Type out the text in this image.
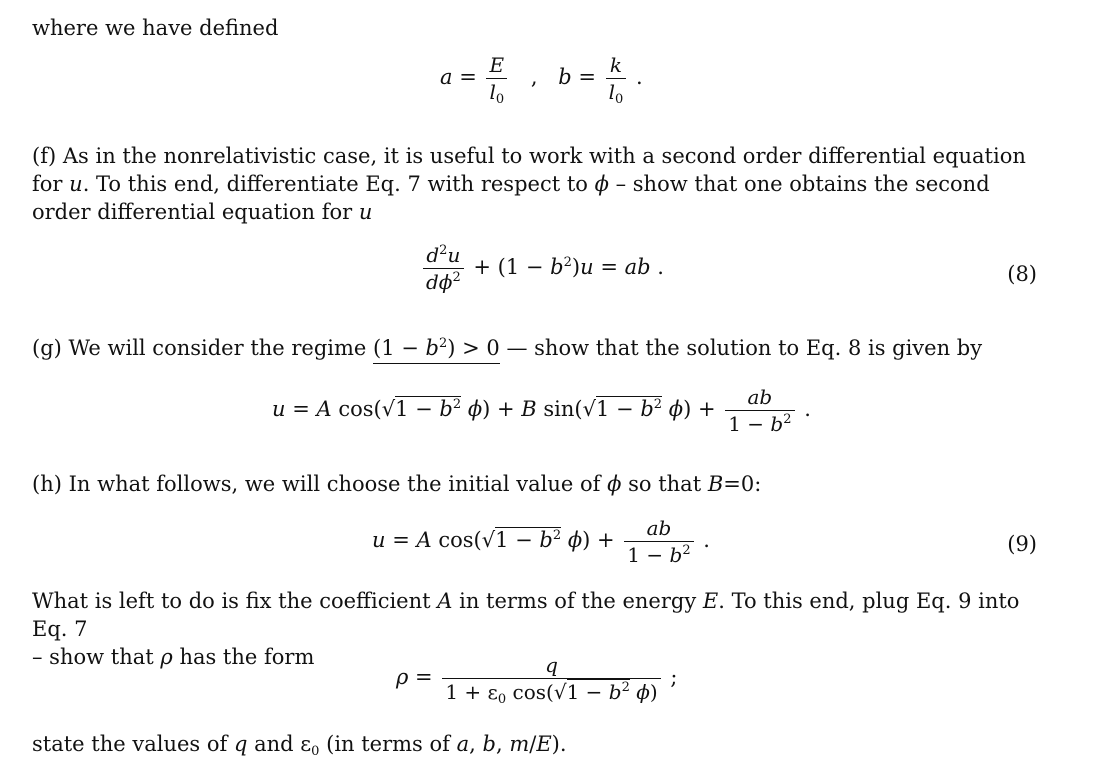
where we have defined
$a = \frac{E}{l_0}$ , $b = \frac{k}{l_0}$ .
(f) As in the nonrelativistic case, it is useful to work with a second order differential equation for u. To this end, differentiate Eq. 7 with respect to ϕ – show that one obtains the second order differential equation for u
$\frac{d^2u}{d\phi^2} + (1 - b^2)u$ = ab .	(8)
(g) We will consider the regime $(1 - b^2) > 0$ — show that the solution to Eq. 8 is given by
u = A $\cos(√1 - b^2$ ϕ) + B $\sin(√1 - b^2$ $\phi) + \frac{ab}{1 - b^2}$ .
(h) In what follows, we will choose the initial value of ϕ so that B=0:
u = A $\cos(√1 - b^2$ $\phi) + \frac{ab}{1 - b^2}$ .	(9)
What is left to do is fix the coefficient A in terms of the energy E. To this end, plug Eq. 9 into Eq. 7
– show that ρ has the form
$\rho = \frac{q}{1 + \varepsilon_0 \cos(√1 - b^2 \phi)}$ ;
state the values of q and $\varepsilon_0$ (in terms of a, b, m/E).
